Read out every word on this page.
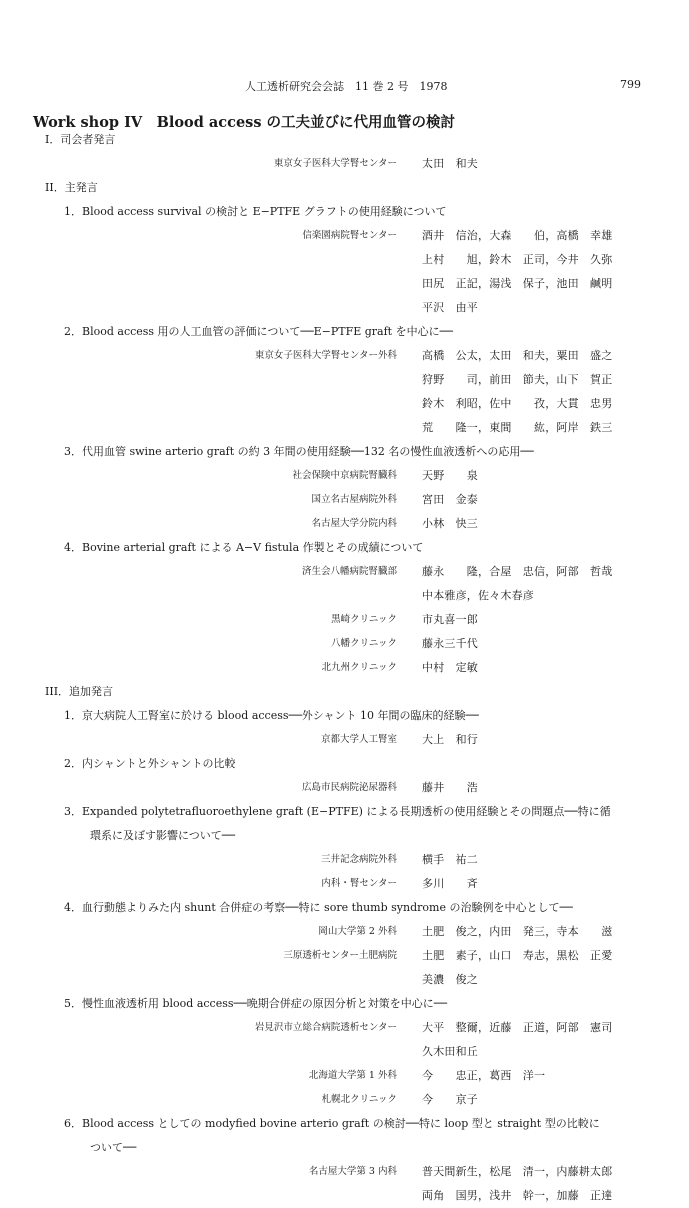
人工透析研究会会誌　11 巻 2 号　1978	799
Work shop IV　Blood access の工夫並びに代用血管の検討
I．司会者発言
東京女子医科大学腎センター 太田　和夫
II．主発言
1．Blood access survival の検討と E−PTFE グラフトの使用経験について
信楽園病院腎センター 酒井　信治，大森　　伯，高橋　幸雄
上村　　旭，鈴木　正司，今井　久弥
田尻　正記，湯浅　保子，池田　鹹明
平沢　由平
2．Blood access 用の人工血管の評価について──E−PTFE graft を中心に──
東京女子医科大学腎センター外科 高橋　公太，太田　和夫，粟田　盛之
狩野　　司，前田　節夫，山下　賀正
鈴木　利昭，佐中　　孜，大貫　忠男
荒　　隆一，東間　　紘，阿岸　鉄三
3．代用血管 swine arterio graft の約 3 年間の使用経験──132 名の慢性血液透析への応用──
社会保険中京病院腎臓科 天野　　泉
国立名古屋病院外科 宮田　金泰
名古屋大学分院内科 小林　快三
4．Bovine arterial graft による A−V fistula 作製とその成績について
済生会八幡病院腎臓部 藤永　　隆，合屋　忠信，阿部　哲哉
中本雅彦，佐々木春彦
黒崎クリニック 市丸喜一郎
八幡クリニック 藤永三千代
北九州クリニック 中村　定敏
III．追加発言
1．京大病院人工腎室に於ける blood access──外シャント 10 年間の臨床的経験──
京都大学人工腎室 大上　和行
2．内シャントと外シャントの比較
広島市民病院泌尿器科 藤井　　浩
3．Expanded polytetrafluoroethylene graft (E−PTFE) による長期透析の使用経験とその問題点──特に循
環系に及ぼす影響について──
三井記念病院外科 横手　祐二
内科・腎センター 多川　　斉
4．血行動態よりみた内 shunt 合併症の考察──特に sore thumb syndrome の治験例を中心として──
岡山大学第 2 外科 土肥　俊之，内田　発三，寺本　　滋
三原透析センター土肥病院 土肥　素子，山口　寿志，黒松　正愛
美濃　俊之
5．慢性血液透析用 blood access──晩期合併症の原因分析と対策を中心に──
岩見沢市立総合病院透析センター 大平　整爾，近藤　正道，阿部　憲司
久木田和丘
北海道大学第 1 外科 今　　忠正，葛西　洋一
札幌北クリニック 今　　京子
6．Blood access としての modyfied bovine arterio graft の検討──特に loop 型と straight 型の比較に
ついて──
名古屋大学第 3 内科 普天間新生，松尾　清一，内藤耕太郎
両角　国男，浅井　幹一，加藤　正達
